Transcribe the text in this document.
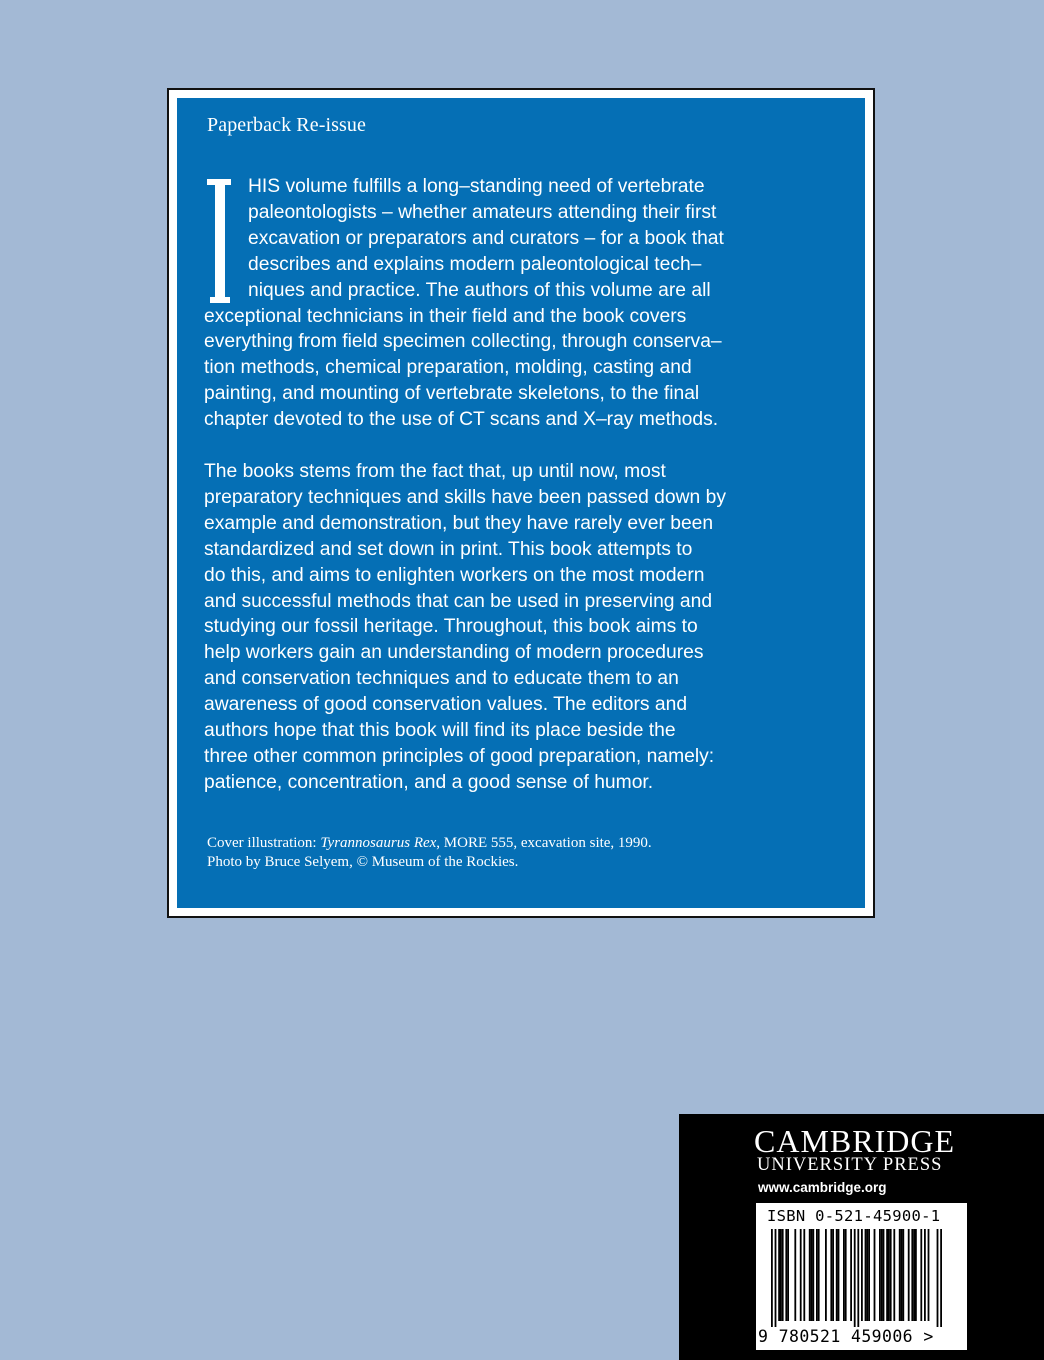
Paperback Re-issue

HIS volume fulfills a long–standing need of vertebrate
paleontologists – whether amateurs attending their first
excavation or preparators and curators – for a book that
describes and explains modern paleontological tech–
niques and practice. The authors of this volume are all
exceptional technicians in their field and the book covers
everything from field specimen collecting, through conserva–
tion methods, chemical preparation, molding, casting and
painting, and mounting of vertebrate skeletons, to the final
chapter devoted to the use of CT scans and X–ray methods.
The books stems from the fact that, up until now, most
preparatory techniques and skills have been passed down by
example and demonstration, but they have rarely ever been
standardized and set down in print. This book attempts to
do this, and aims to enlighten workers on the most modern
and successful methods that can be used in preserving and
studying our fossil heritage. Throughout, this book aims to
help workers gain an understanding of modern procedures
and conservation techniques and to educate them to an
awareness of good conservation values. The editors and
authors hope that this book will find its place beside the
three other common principles of good preparation, namely:
patience, concentration, and a good sense of humor.
Cover illustration: Tyrannosaurus Rex, MORE 555, excavation site, 1990.
Photo by Bruce Selyem, © Museum of the Rockies.

CAMBRIDGE

UNIVERSITY PRESS

www.cambridge.org

ISBN 0-521-45900-1

9 780521 459006 >
